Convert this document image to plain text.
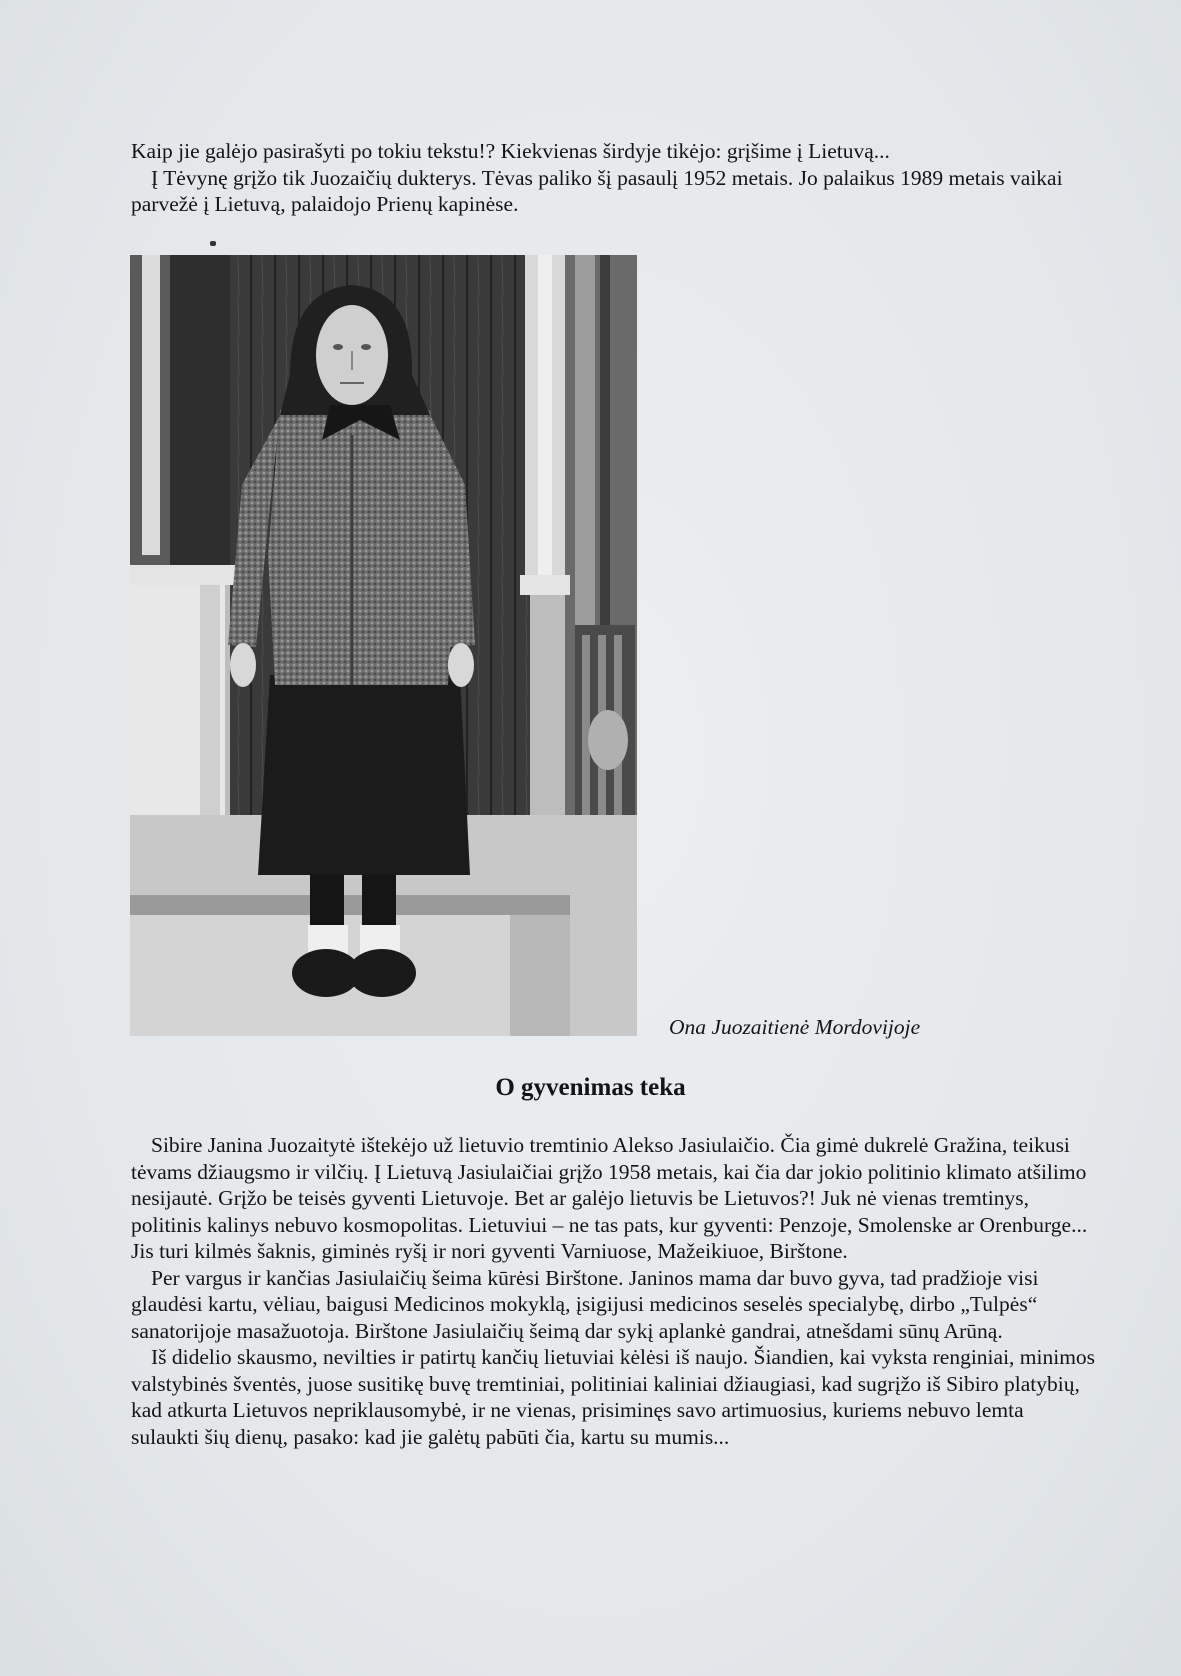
Kaip jie galėjo pasirašyti po tokiu tekstu!? Kiekvienas širdyje tikėjo: grįšime į Lietuvą...

Į Tėvynę grįžo tik Juozaičių dukterys. Tėvas paliko šį pasaulį 1952 metais. Jo palaikus 1989 metais vaikai parvežė į Lietuvą, palaidojo Prienų kapinėse.

Ona Juozaitienė Mordovijoje
O gyvenimas teka

Sibire Janina Juozaitytė ištekėjo už lietuvio tremtinio Alekso Jasiulaičio. Čia gimė dukrelė Gražina, teikusi tėvams džiaugsmo ir vilčių. Į Lietuvą Jasiulaičiai grįžo 1958 metais, kai čia dar jokio politinio klimato atšilimo nesijautė. Grįžo be teisės gyventi Lietuvoje. Bet ar galėjo lietuvis be Lietuvos?! Juk nė vienas tremtinys, politinis kalinys nebuvo kosmopolitas. Lietuviui – ne tas pats, kur gyventi: Penzoje, Smolenske ar Orenburge... Jis turi kilmės šaknis, giminės ryšį ir nori gyventi Varniuose, Mažeikiuoe, Birštone.

Per vargus ir kančias Jasiulaičių šeima kūrėsi Birštone. Janinos mama dar buvo gyva, tad pradžioje visi glaudėsi kartu, vėliau, baigusi Medicinos mokyklą, įsigijusi medicinos seselės specialybę, dirbo „Tulpės“ sanatorijoje masažuotoja. Birštone Jasiulaičių šeimą dar sykį aplankė gandrai, atnešdami sūnų Arūną.

Iš didelio skausmo, nevilties ir patirtų kančių lietuviai kėlėsi iš naujo. Šiandien, kai vyksta renginiai, minimos valstybinės šventės, juose susitikę buvę tremtiniai, politiniai kaliniai džiaugiasi, kad sugrįžo iš Sibiro platybių, kad atkurta Lietuvos nepriklausomybė, ir ne vienas, prisiminęs savo artimuosius, kuriems nebuvo lemta sulaukti šių dienų, pasako: kad jie galėtų pabūti čia, kartu su mumis...
